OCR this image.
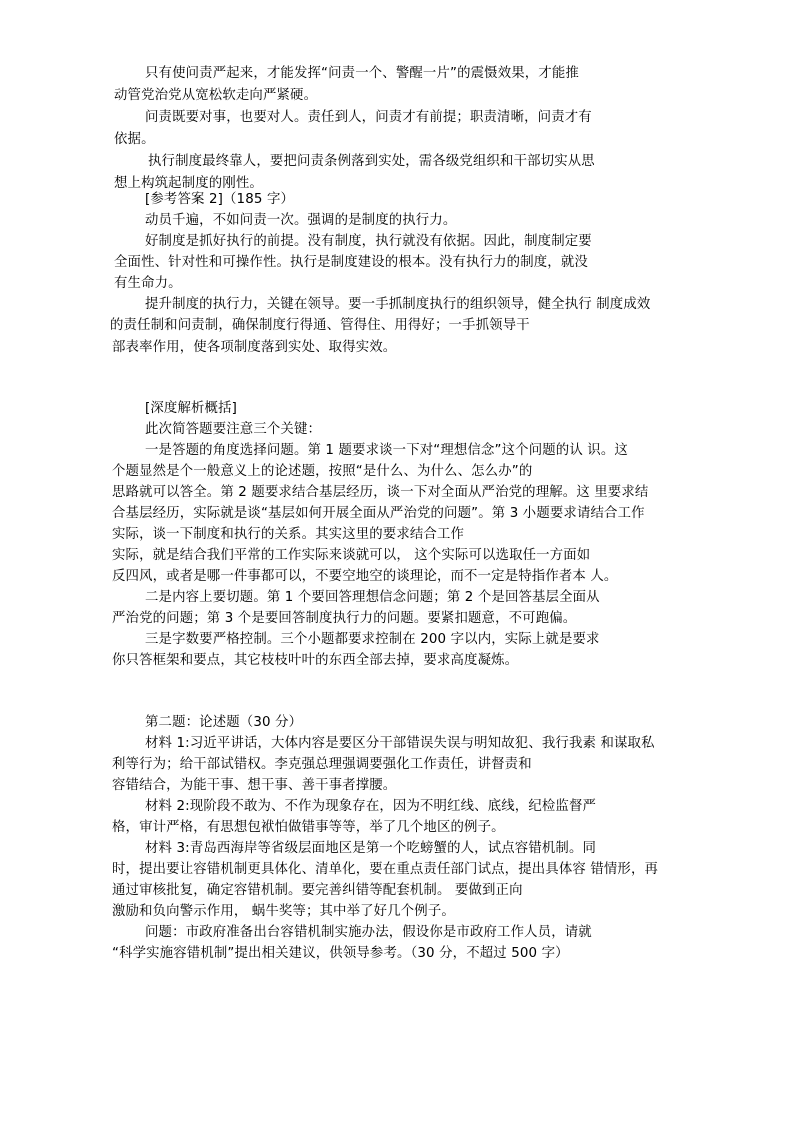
只有使问责严起来，才能发挥“问责一个、警醒一片”的震慑效果，才能推
动管党治党从宽松软走向严紧硬。
问责既要对事，也要对人。责任到人，问责才有前提；职责清晰，问责才有
依据。
执行制度最终靠人，要把问责条例落到实处，需各级党组织和干部切实从思
想上构筑起制度的刚性。
[参考答案 2]（185 字）
动员千遍，不如问责一次。强调的是制度的执行力。
好制度是抓好执行的前提。没有制度，执行就没有依据。因此，制度制定要
全面性、针对性和可操作性。执行是制度建设的根本。没有执行力的制度，就没
有生命力。
提升制度的执行力，关键在领导。要一手抓制度执行的组织领导，健全执行 制度成效
的责任制和问责制，确保制度行得通、管得住、用得好；一手抓领导干
部表率作用，使各项制度落到实处、取得实效。
[深度解析概括]
此次简答题要注意三个关键：
一是答题的角度选择问题。第 1 题要求谈一下对“理想信念”这个问题的认 识。这
个题显然是个一般意义上的论述题，按照“是什么、为什么、怎么办”的
思路就可以答全。第 2 题要求结合基层经历，谈一下对全面从严治党的理解。这 里要求结
合基层经历，实际就是谈“基层如何开展全面从严治党的问题”。第 3 小题要求请结合工作
实际，谈一下制度和执行的关系。其实这里的要求结合工作
实际，就是结合我们平常的工作实际来谈就可以， 这个实际可以选取任一方面如
反四风，或者是哪一件事都可以，不要空地空的谈理论，而不一定是特指作者本 人。
二是内容上要切题。第 1 个要回答理想信念问题；第 2 个是回答基层全面从
严治党的问题；第 3 个是要回答制度执行力的问题。要紧扣题意，不可跑偏。
三是字数要严格控制。三个小题都要求控制在 200 字以内，实际上就是要求
你只答框架和要点，其它枝枝叶叶的东西全部去掉，要求高度凝炼。
第二题：论述题（30 分）
材料 1:习近平讲话，大体内容是要区分干部错误失误与明知故犯、我行我素 和谋取私
利等行为；给干部试错权。李克强总理强调要强化工作责任，讲督责和
容错结合，为能干事、想干事、善干事者撑腰。
材料 2:现阶段不敢为、不作为现象存在，因为不明红线、底线，纪检监督严
格，审计严格，有思想包袱怕做错事等等，举了几个地区的例子。
材料 3:青岛西海岸等省级层面地区是第一个吃螃蟹的人，试点容错机制。同
时，提出要让容错机制更具体化、清单化，要在重点责任部门试点，提出具体容 错情形，再
通过审核批复，确定容错机制。要完善纠错等配套机制。 要做到正向
激励和负向警示作用， 蜗牛奖等；其中举了好几个例子。
问题：市政府准备出台容错机制实施办法，假设你是市政府工作人员，请就
“科学实施容错机制”提出相关建议，供领导参考。（30 分，不超过 500 字）
